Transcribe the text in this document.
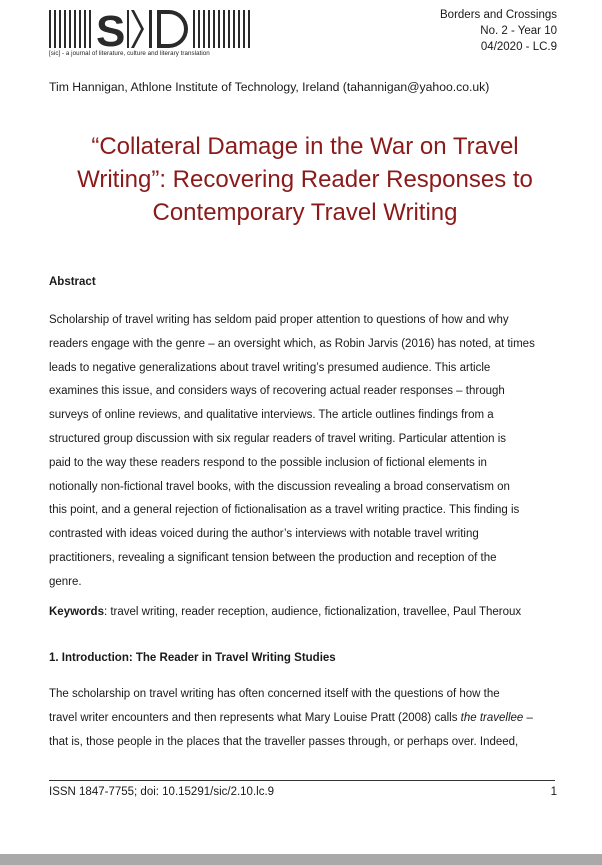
S
[sic] - a journal of literature, culture and literary translation
Borders and Crossings
No. 2 - Year 10
04/2020 - LC.9
Tim Hannigan, Athlone Institute of Technology, Ireland (tahannigan@yahoo.co.uk)
“Collateral Damage in the War on Travel
Writing”: Recovering Reader Responses to
Contemporary Travel Writing
Abstract
Scholarship of travel writing has seldom paid proper attention to questions of how and why
readers engage with the genre – an oversight which, as Robin Jarvis (2016) has noted, at times
leads to negative generalizations about travel writing’s presumed audience. This article
examines this issue, and considers ways of recovering actual reader responses – through
surveys of online reviews, and qualitative interviews. The article outlines findings from a
structured group discussion with six regular readers of travel writing. Particular attention is
paid to the way these readers respond to the possible inclusion of fictional elements in
notionally non-fictional travel books, with the discussion revealing a broad conservatism on
this point, and a general rejection of fictionalisation as a travel writing practice. This finding is
contrasted with ideas voiced during the author’s interviews with notable travel writing
practitioners, revealing a significant tension between the production and reception of the
genre.
Keywords: travel writing, reader reception, audience, fictionalization, travellee, Paul Theroux
1. Introduction: The Reader in Travel Writing Studies
The scholarship on travel writing has often concerned itself with the questions of how the
travel writer encounters and then represents what Mary Louise Pratt (2008) calls the travellee –
that is, those people in the places that the traveller passes through, or perhaps over. Indeed,
ISSN 1847-7755; doi: 10.15291/sic/2.10.lc.9	1
